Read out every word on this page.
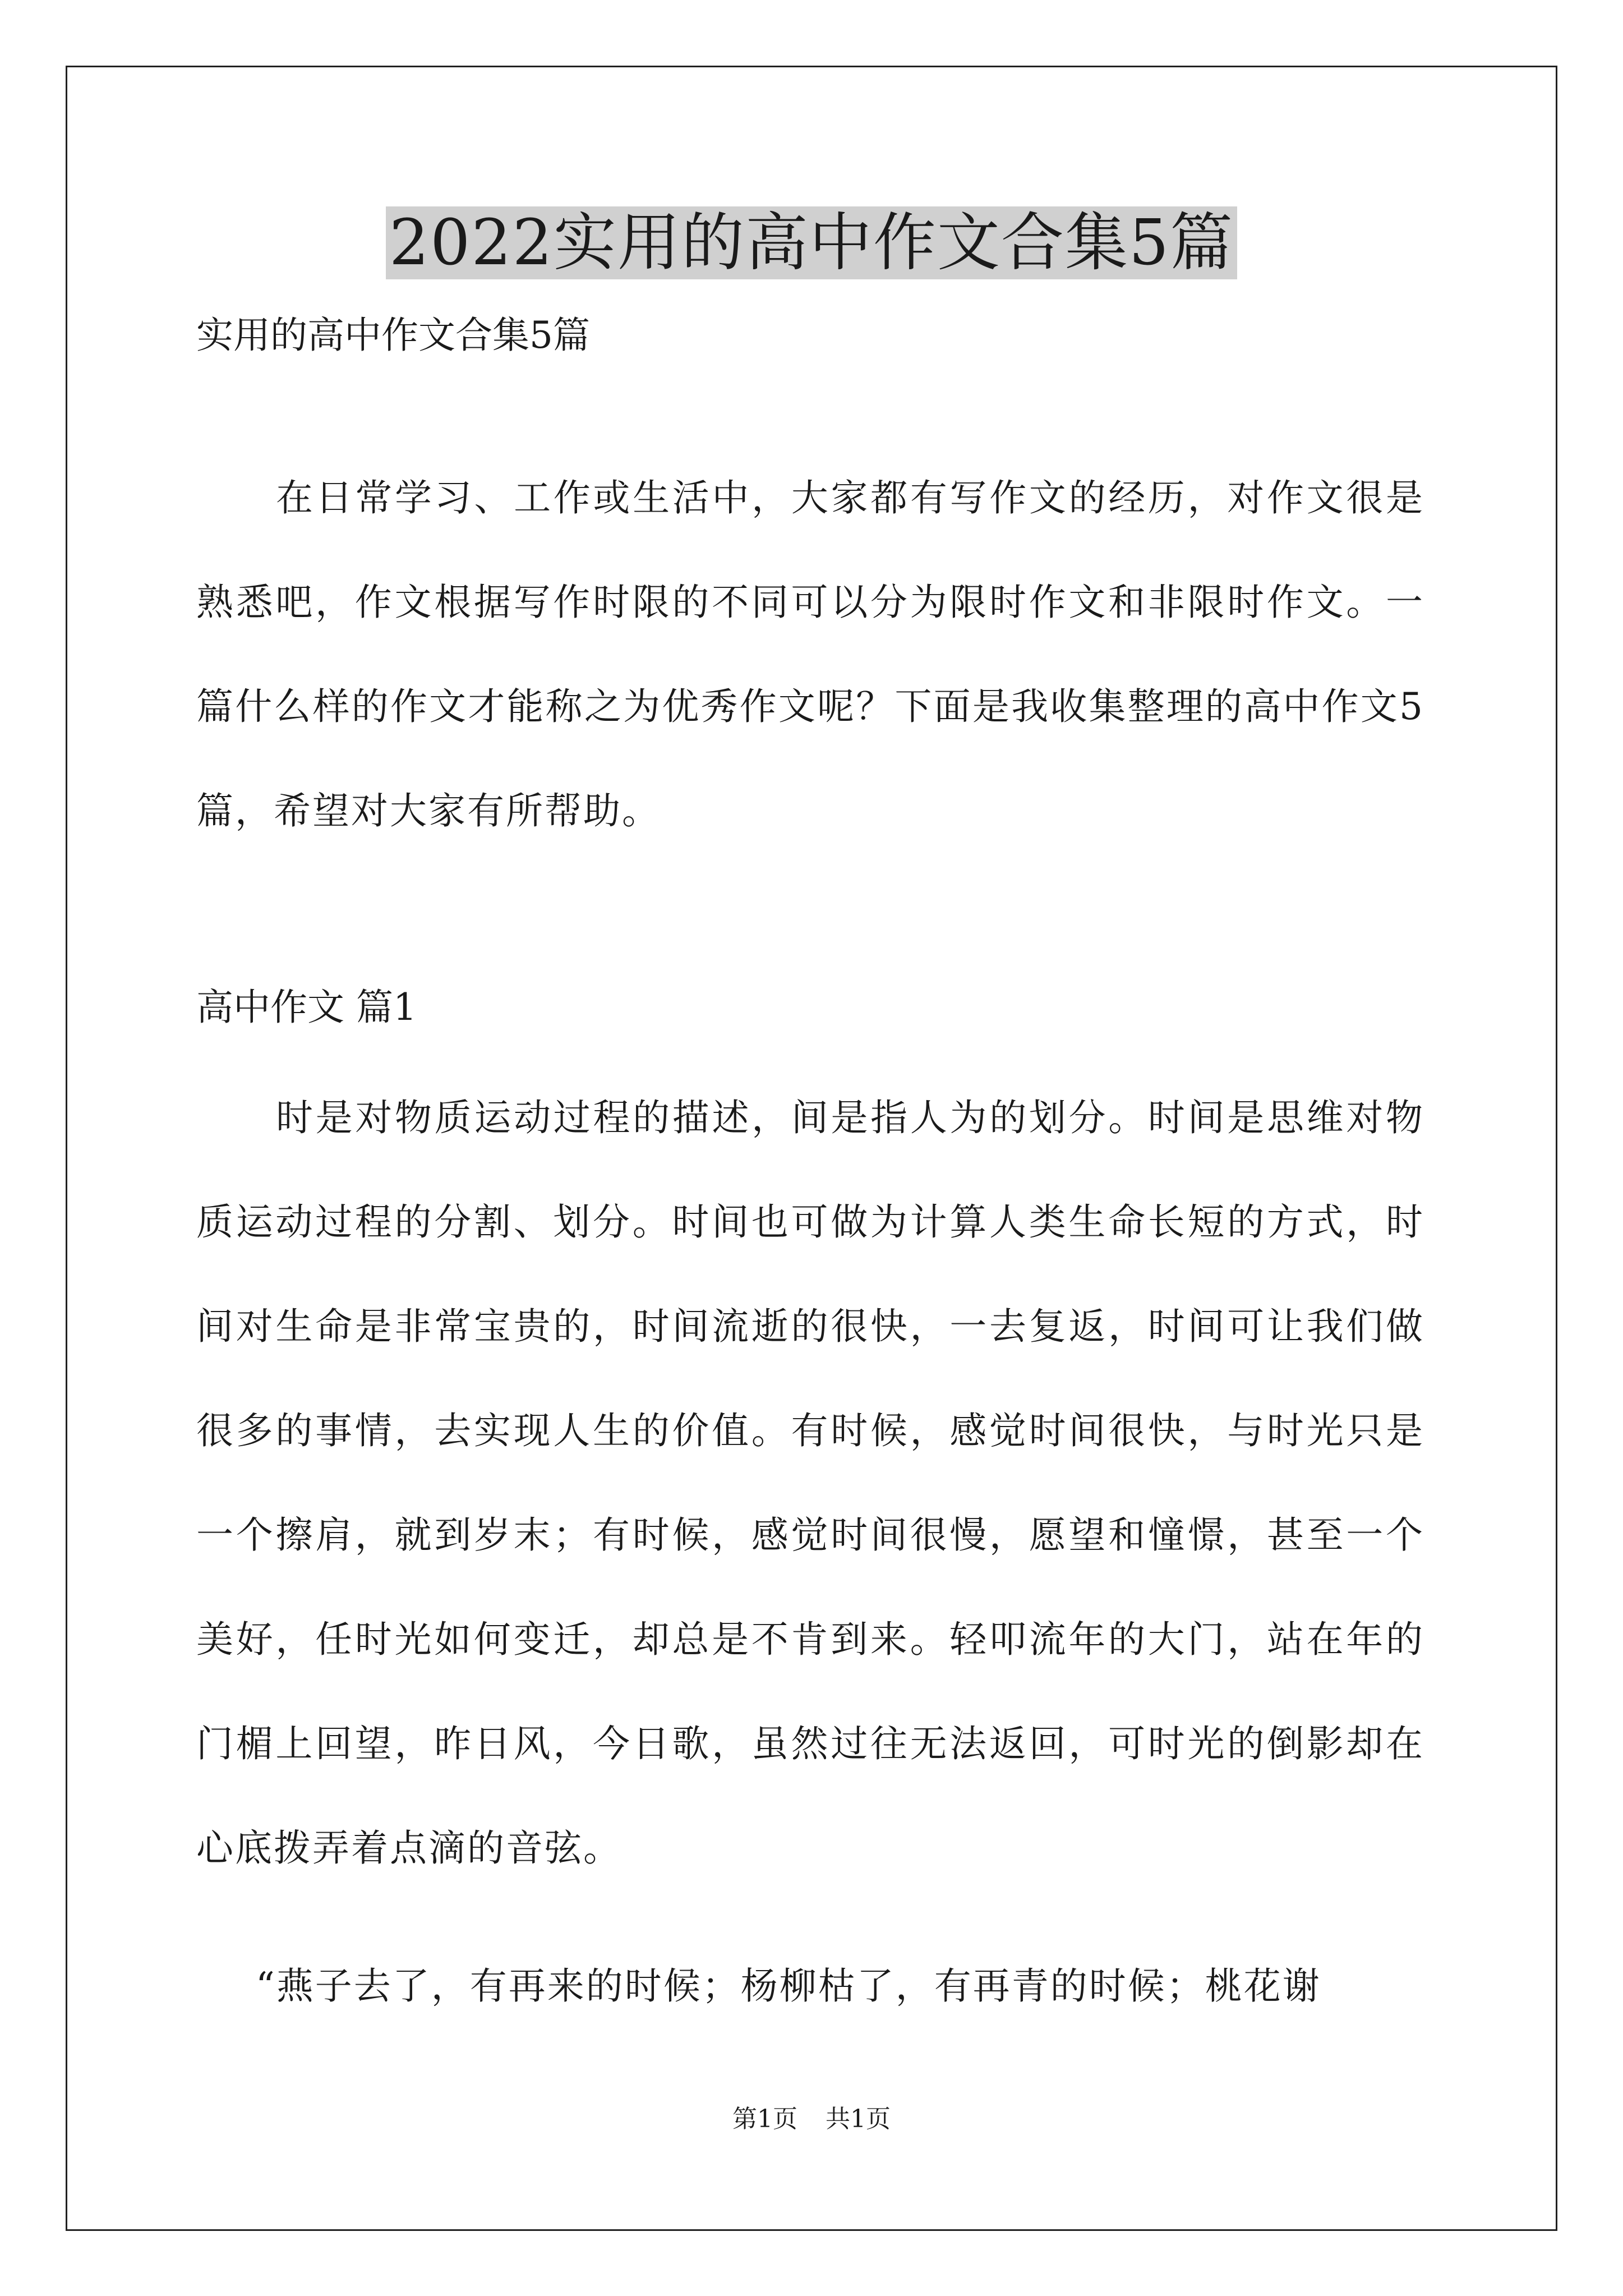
2022实用的高中作文合集5篇
实用的高中作文合集5篇
在日常学习、工作或生活中，大家都有写作文的经历，对作文很是熟悉吧，作文根据写作时限的不同可以分为限时作文和非限时作文。一篇什么样的作文才能称之为优秀作文呢？下面是我收集整理的高中作文5篇，希望对大家有所帮助。
高中作文 篇1
时是对物质运动过程的描述，间是指人为的划分。时间是思维对物质运动过程的分割、划分。时间也可做为计算人类生命长短的方式，时间对生命是非常宝贵的，时间流逝的很快，一去复返，时间可让我们做很多的事情，去实现人生的价值。有时候，感觉时间很快，与时光只是一个擦肩，就到岁末；有时候，感觉时间很慢，愿望和憧憬，甚至一个美好，任时光如何变迁，却总是不肯到来。轻叩流年的大门，站在年的门楣上回望，昨日风，今日歌，虽然过往无法返回，可时光的倒影却在心底拨弄着点滴的音弦。
“燕子去了，有再来的时候；杨柳枯了，有再青的时候；桃花谢
第1页 共1页
